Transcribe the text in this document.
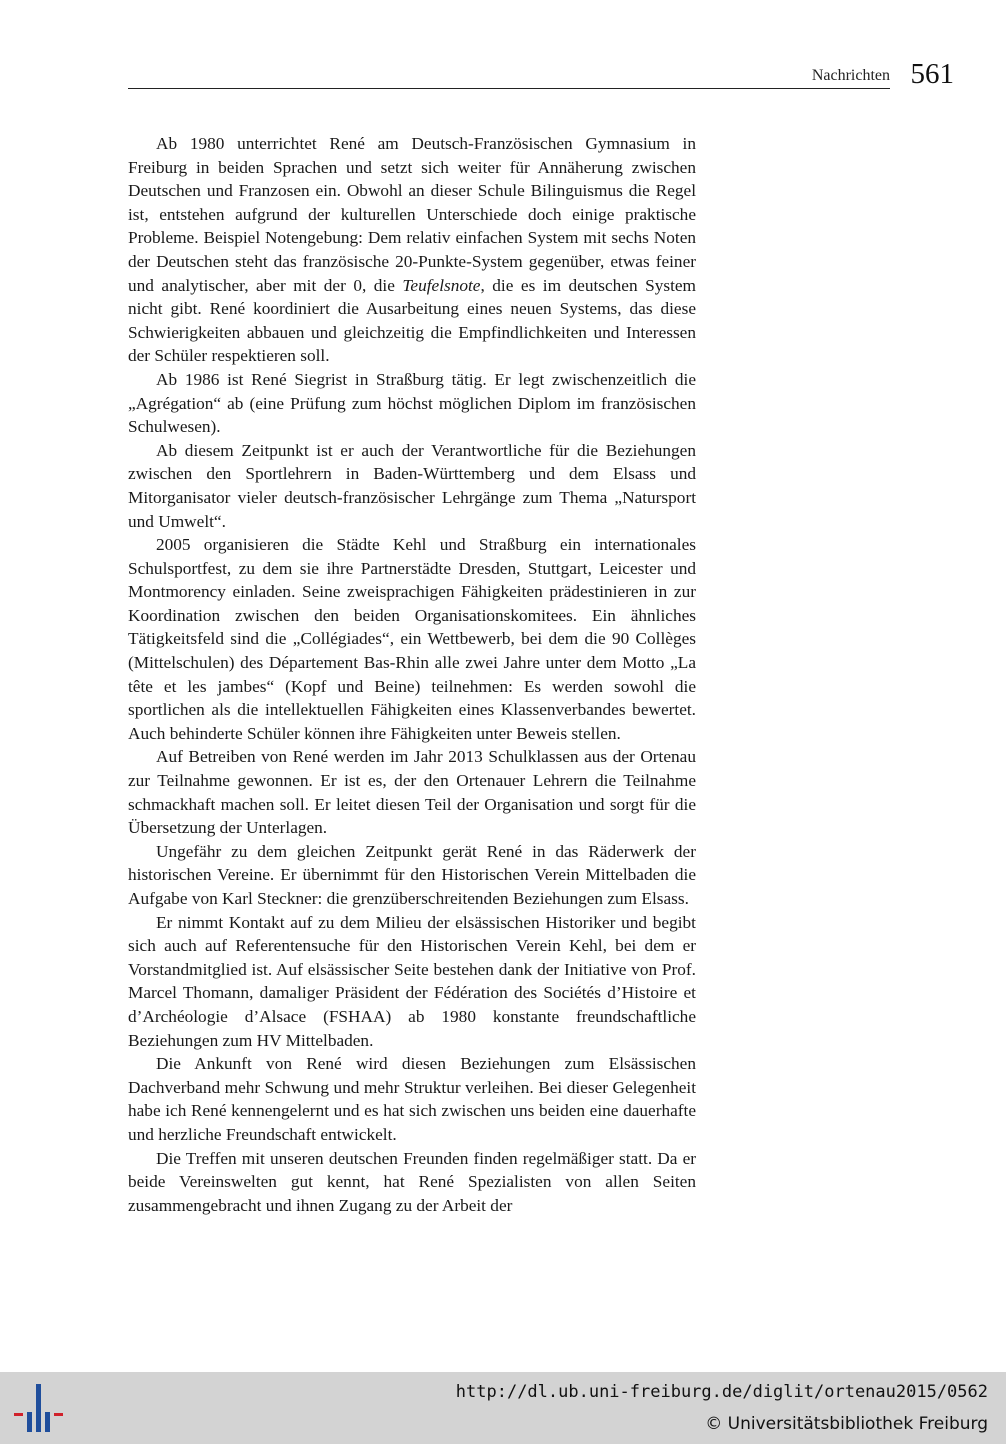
Nachrichten 561

Ab 1980 unterrichtet René am Deutsch-Französischen Gymnasium in Freiburg in beiden Sprachen und setzt sich weiter für Annäherung zwischen Deutschen und Franzosen ein. Obwohl an dieser Schule Bilinguismus die Regel ist, entstehen aufgrund der kulturellen Unterschiede doch einige praktische Probleme. Beispiel Notengebung: Dem relativ einfachen System mit sechs Noten der Deutschen steht das französische 20-Punkte-System gegenüber, etwas feiner und analytischer, aber mit der 0, die Teufelsnote, die es im deutschen System nicht gibt. René koordiniert die Ausarbeitung eines neuen Systems, das diese Schwierigkeiten abbauen und gleichzeitig die Empfindlichkeiten und Interessen der Schüler respektieren soll.

Ab 1986 ist René Siegrist in Straßburg tätig. Er legt zwischenzeitlich die „Agrégation“ ab (eine Prüfung zum höchst möglichen Diplom im französischen Schulwesen).

Ab diesem Zeitpunkt ist er auch der Verantwortliche für die Beziehungen zwischen den Sportlehrern in Baden-Württemberg und dem Elsass und Mitorganisator vieler deutsch-französischer Lehrgänge zum Thema „Natursport und Umwelt“.

2005 organisieren die Städte Kehl und Straßburg ein internationales Schulsportfest, zu dem sie ihre Partnerstädte Dresden, Stuttgart, Leicester und Montmorency einladen. Seine zweisprachigen Fähigkeiten prädestinieren in zur Koordination zwischen den beiden Organisationskomitees. Ein ähnliches Tätigkeitsfeld sind die „Collégiades“, ein Wettbewerb, bei dem die 90 Collèges (Mittelschulen) des Département Bas-Rhin alle zwei Jahre unter dem Motto „La tête et les jambes“ (Kopf und Beine) teilnehmen: Es werden sowohl die sportlichen als die intellektuellen Fähigkeiten eines Klassenverbandes bewertet. Auch behinderte Schüler können ihre Fähigkeiten unter Beweis stellen.

Auf Betreiben von René werden im Jahr 2013 Schulklassen aus der Ortenau zur Teilnahme gewonnen. Er ist es, der den Ortenauer Lehrern die Teilnahme schmackhaft machen soll. Er leitet diesen Teil der Organisation und sorgt für die Übersetzung der Unterlagen.

Ungefähr zu dem gleichen Zeitpunkt gerät René in das Räderwerk der historischen Vereine. Er übernimmt für den Historischen Verein Mittelbaden die Aufgabe von Karl Steckner: die grenzüberschreitenden Beziehungen zum Elsass.

Er nimmt Kontakt auf zu dem Milieu der elsässischen Historiker und begibt sich auch auf Referentensuche für den Historischen Verein Kehl, bei dem er Vorstandmitglied ist. Auf elsässischer Seite bestehen dank der Initiative von Prof. Marcel Thomann, damaliger Präsident der Fédération des Sociétés d’Histoire et d’Archéologie d’Alsace (FSHAA) ab 1980 konstante freundschaftliche Beziehungen zum HV Mittelbaden.

Die Ankunft von René wird diesen Beziehungen zum Elsässischen Dachverband mehr Schwung und mehr Struktur verleihen. Bei dieser Gelegenheit habe ich René kennengelernt und es hat sich zwischen uns beiden eine dauerhafte und herzliche Freundschaft entwickelt.

Die Treffen mit unseren deutschen Freunden finden regelmäßiger statt. Da er beide Vereinswelten gut kennt, hat René Spezialisten von allen Seiten zusammengebracht und ihnen Zugang zu der Arbeit der

http://dl.ub.uni-freiburg.de/diglit/ortenau2015/0562
© Universitätsbibliothek Freiburg
